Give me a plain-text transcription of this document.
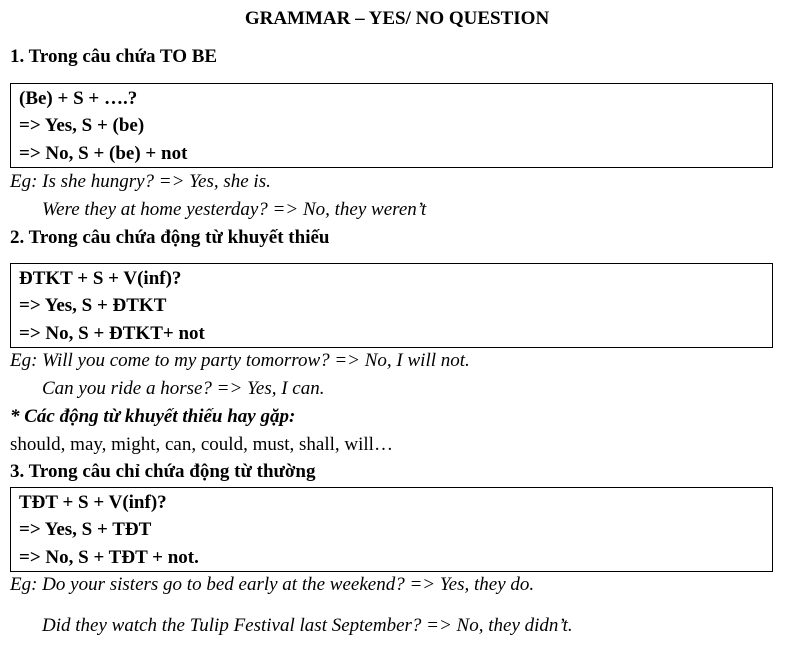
GRAMMAR – YES/ NO QUESTION
1. Trong câu chứa TO BE
(Be) + S + ….?
=> Yes, S + (be)
=> No, S + (be) + not
Eg: Is she hungry? => Yes, she is.
Were they at home yesterday? => No, they weren’t
2. Trong câu chứa động từ khuyết thiếu
ĐTKT + S + V(inf)?
=> Yes, S + ĐTKT
=> No, S + ĐTKT+ not
Eg: Will you come to my party tomorrow? => No, I will not.
Can you ride a horse? => Yes, I can.
* Các động từ khuyết thiếu hay gặp:
should, may, might, can, could, must, shall, will…
3. Trong câu chỉ chứa động từ thường
TĐT + S + V(inf)?
=> Yes, S + TĐT
=> No, S + TĐT + not.
Eg: Do your sisters go to bed early at the weekend? => Yes, they do.
Did they watch the Tulip Festival last September? => No, they didn’t.
